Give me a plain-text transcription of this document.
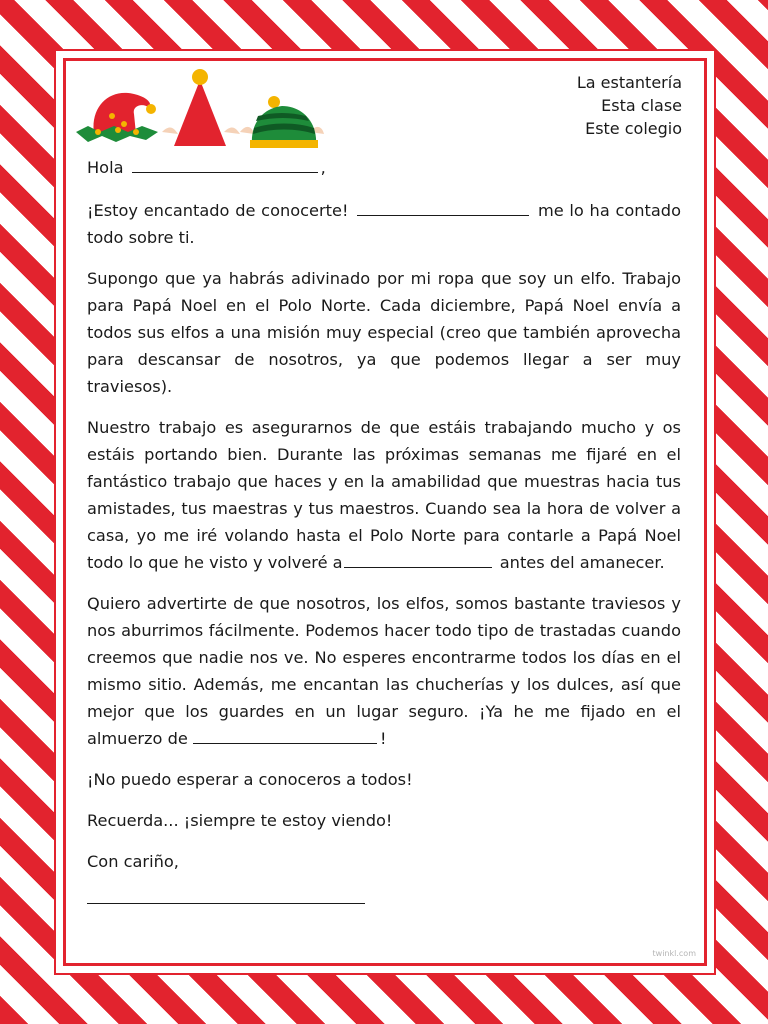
La estantería
Esta clase
Este colegio

Hola	,

¡Estoy encantado de conocerte!	me lo ha contado todo sobre ti.

Supongo que ya habrás adivinado por mi ropa que soy un elfo. Trabajo para Papá Noel en el Polo Norte. Cada diciembre, Papá Noel envía a todos sus elfos a una misión muy especial (creo que también aprovecha para descansar de nosotros, ya que podemos llegar a ser muy traviesos).

Nuestro trabajo es asegurarnos de que estáis trabajando mucho y os estáis portando bien. Durante las próximas semanas me fijaré en el fantástico trabajo que haces y en la amabilidad que muestras hacia tus amistades, tus maestras y tus maestros. Cuando sea la hora de volver a casa, yo me iré volando hasta el Polo Norte para contarle a Papá Noel todo lo que he visto y volveré a	antes del amanecer.

Quiero advertirte de que nosotros, los elfos, somos bastante traviesos y nos aburrimos fácilmente. Podemos hacer todo tipo de trastadas cuando creemos que nadie nos ve. No esperes encontrarme todos los días en el mismo sitio. Además, me encantan las chucherías y los dulces, así que mejor que los guardes en un lugar seguro. ¡Ya he me fijado en el almuerzo de	!

¡No puedo esperar a conoceros a todos!

Recuerda... ¡siempre te estoy viendo!

Con cariño,

twinkl.com
